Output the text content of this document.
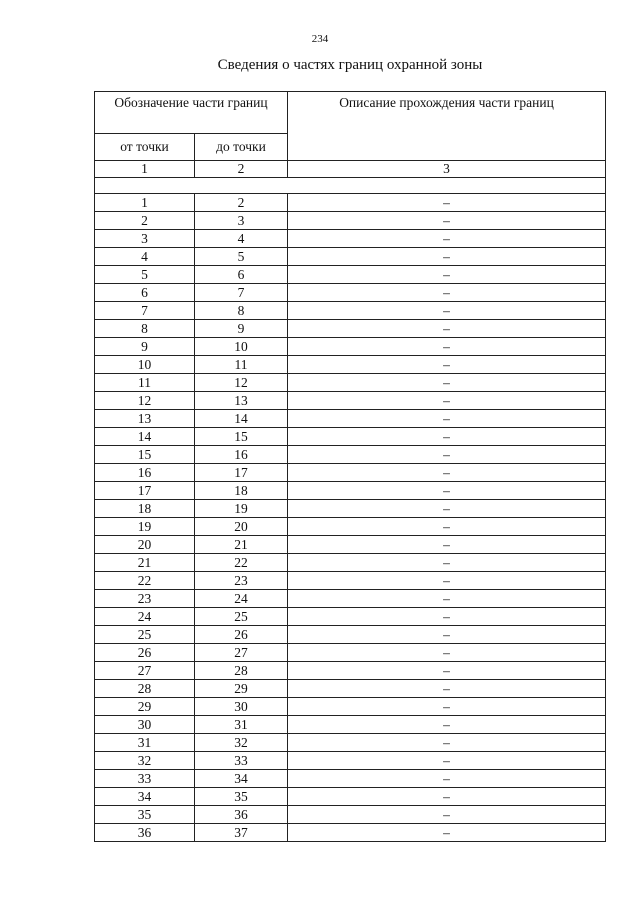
234
Сведения о частях границ охранной зоны
Обозначение части границ		Описание прохождения части границ
от точки	до точки	
1	2	3

1	2	–
2	3	–
3	4	–
4	5	–
5	6	–
6	7	–
7	8	–
8	9	–
9	10	–
10	11	–
11	12	–
12	13	–
13	14	–
14	15	–
15	16	–
16	17	–
17	18	–
18	19	–
19	20	–
20	21	–
21	22	–
22	23	–
23	24	–
24	25	–
25	26	–
26	27	–
27	28	–
28	29	–
29	30	–
30	31	–
31	32	–
32	33	–
33	34	–
34	35	–
35	36	–
36	37	–
